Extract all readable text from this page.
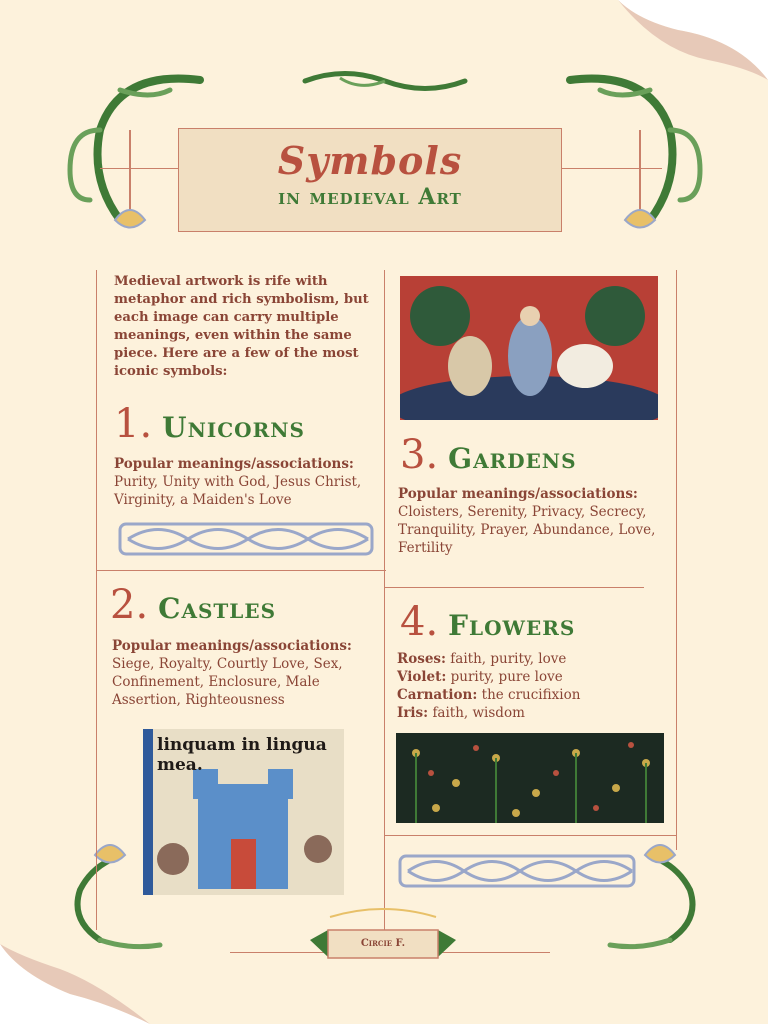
Symbols
in medieval Art
Medieval artwork is rife with metaphor and rich symbolism, but each image can carry multiple meanings, even within the same piece. Here are a few of the most iconic symbols:
1. Unicorns
Popular meanings/associations:
Purity, Unity with God, Jesus Christ, Virginity, a Maiden's Love
2. Castles
Popular meanings/associations:
Siege, Royalty, Courtly Love, Sex, Confinement, Enclosure, Male Assertion, Righteousness
linquam in lingua
mea.
3. Gardens
Popular meanings/associations:
Cloisters, Serenity, Privacy, Secrecy, Tranquility, Prayer, Abundance, Love, Fertility
4. Flowers
Roses: faith, purity, love
Violet: purity, pure love
Carnation: the crucifixion
Iris: faith, wisdom
Circie F.
